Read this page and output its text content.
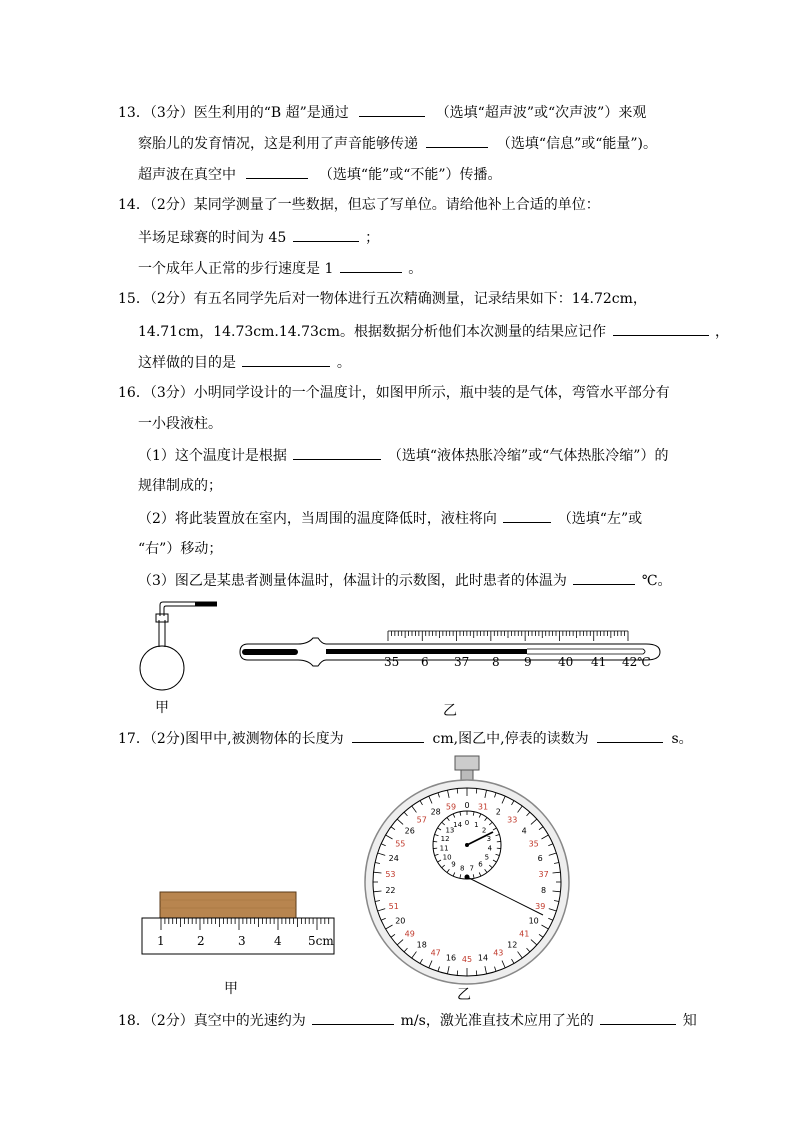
13．（3分）医生利用的“B 超”是通过	（选填“超声波”或“次声波”）来观
察胎儿的发育情况，这是利用了声音能够传递	（选填“信息”或“能量”)。
超声波在真空中	（选填“能”或“不能”）传播。
14．（2分）某同学测量了一些数据，但忘了写单位。请给他补上合适的单位：
半场足球赛的时间为 45	；
一个成年人正常的步行速度是 1	。
15．（2分）有五名同学先后对一物体进行五次精确测量，记录结果如下：14.72cm，
14.71cm，14.73cm.14.73cm。根据数据分析他们本次测量的结果应记作	，
这样做的目的是	。
16．（3分）小明同学设计的一个温度计，如图甲所示，瓶中装的是气体，弯管水平部分有
一小段液柱。
（1）这个温度计是根据	（选填“液体热胀冷缩”或“气体热胀冷缩”）的
规律制成的；
（2）将此装置放在室内，当周围的温度降低时，液柱将向	（选填“左”或
“右”）移动；
（3）图乙是某患者测量体温时，体温计的示数图，此时患者的体温为	℃。
甲
35 6 37 8 9 40 41 42℃
乙
17．（2分)图甲中,被测物体的长度为	cm,图乙中,停表的读数为	s。
1	2	3 4 5cm
甲
0 31
2
33
4
35
6
37
8
39
10
41
12
43
14
45
16
47
18
49
20
51
22
53
24
55
26
57
28
59
0 1
2
3
4
5
6
7
8
9
10
11
12
13
14
乙
18．（2分）真空中的光速约为	m/s，激光准直技术应用了光的	知
